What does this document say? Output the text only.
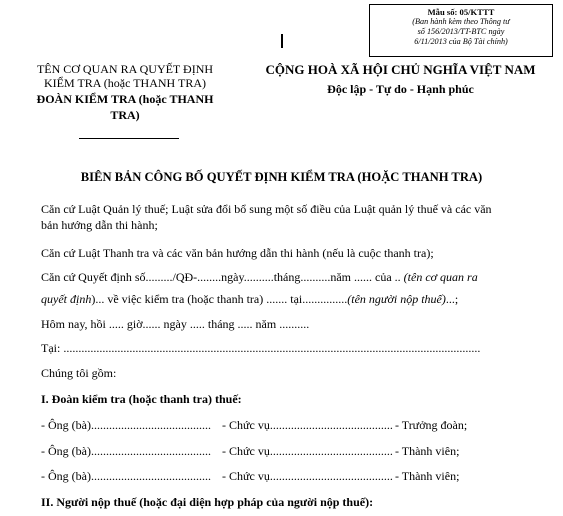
Mẫu số: 05/KTTT
(Ban hành kèm theo Thông tư
số 156/2013/TT-BTC ngày
6/11/2013 của Bộ Tài chính)
TÊN CƠ QUAN RA QUYẾT ĐỊNH
KIỂM TRA (hoặc THANH TRA)
ĐOÀN KIỂM TRA (hoặc THANH
TRA)
CỘNG HOÀ XÃ HỘI CHỦ NGHĨA VIỆT NAM
Độc lập - Tự do - Hạnh phúc
BIÊN BẢN CÔNG BỐ QUYẾT ĐỊNH KIỂM TRA (HOẶC THANH TRA)
Căn cứ Luật Quản lý thuế; Luật sửa đổi bổ sung một số điều của Luật quản lý thuế và các văn
bản hướng dẫn thi hành;
Căn cứ Luật Thanh tra và các văn bản hướng dẫn thi hành (nếu là cuộc thanh tra);
Căn cứ Quyết định số........./QĐ-........ngày..........tháng..........năm ...... của .. (tên cơ quan ra
quyết định)... về việc kiểm tra (hoặc thanh tra) ....... tại...............(tên người nộp thuế)...;
Hôm nay, hồi ..... giờ...... ngày ..... tháng ..... năm ..........
Tại: ...........................................................................................................................................
Chúng tôi gồm:
I. Đoàn kiểm tra (hoặc thanh tra) thuế:
- Ông (bà)........................................ - Chức vụ......................................... - Trưởng đoàn;
- Ông (bà)........................................ - Chức vụ......................................... - Thành viên;
- Ông (bà)........................................ - Chức vụ......................................... - Thành viên;
II. Người nộp thuế (hoặc đại diện hợp pháp của người nộp thuế):
